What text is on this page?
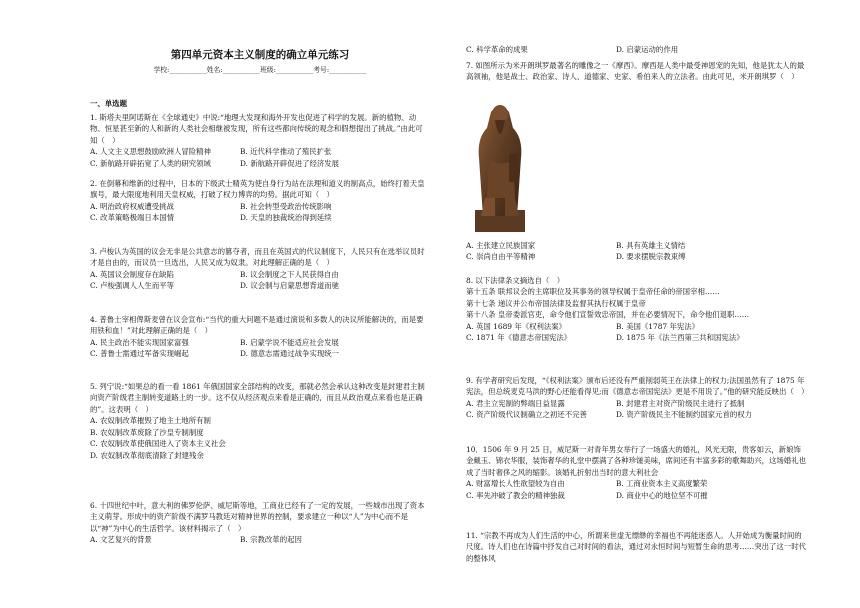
第四单元资本主义制度的确立单元练习
学校:___________姓名:___________班级:___________考号:___________
一、单选题

1. 斯塔夫里阿诺斯在《全球通史》中说:“地理大发现和海外开发也促进了科学的发展。新的植物、动物、恒星甚至新的人和新的人类社会相继被发现，所有这些都向传统的观念和假想提出了挑战。”由此可知（　）

A. 人文主义思想鼓励欧洲人冒险精神	B. 近代科学推动了殖民扩张

C. 新航路开辟拓宽了人类的研究领域	D. 新航路开辟促进了经济发展

2. 在倒幕和维新的过程中，日本的下级武士精英为使自身行为站在法理和道义的制高点，始终打着天皇旗号，最大限度地利用天皇权威，打破了权力博弈的均势。据此可知（　）

A. 明治政府权威遭受挑战	B. 社会转型受政治传统影响

C. 改革策略极端日本国情	D. 天皇的独裁统治得到延续

3. 卢梭认为英国的议会无非是公共意志的篡夺者，而且在英国式的代议制度下，人民只有在选举议员时才是自由的，而议员一旦选出，人民又成为奴隶。对此理解正确的是（　）

A. 英国议会制度存在缺陷	B. 议会制度之下人民获得自由

C. 卢梭强调人人生而平等	D. 议会制与启蒙思想背道而驰

4. 普鲁士宰相俾斯麦曾在议会宣布:“当代的重大问题不是通过演说和多数人的决议所能解决的，而是要用铁和血！”对此理解正确的是（　）

A. 民主政治不能实现国家富强	B. 启蒙学说不能适应社会发展

C. 普鲁士需通过军备实现崛起	D. 德意志需通过战争实现统一

5. 列宁说:“如果总的看一看 1861 年俄国国家全部结构的改变，那就必然会承认这种改变是封建君主制向资产阶级君主制转变道路上的一步。这不仅从经济观点来看是正确的，而且从政治观点来看也是正确的”。这表明（　）

A. 农奴制改革摧毁了地主土地所有制

B. 农奴制改革废除了沙皇专制制度

C. 农奴制改革使俄国进入了资本主义社会

D. 农奴制改革彻底清除了封建残余

6. 十四世纪中叶，意大利的佛罗伦萨、威尼斯等地，工商业已经有了一定的发展，一些城市出现了资本主义萌芽。形成中的资产阶级不满罗马教廷对精神世界的控制，要求建立一种以“人”为中心而不是以“神”为中心的生活哲学。该材料揭示了（　）

A. 文艺复兴的背景	B. 宗教改革的起因

C. 科学革命的成果	D. 启蒙运动的作用

7. 如图所示为米开朗琪罗最著名的雕像之一《摩西》。摩西是人类中最受神恩宠的先知，他是犹太人的最高领袖，他是战士、政治家、诗人、道德家、史家、希伯来人的立法者。由此可见，米开朗琪罗（　）

A. 主张建立民族国家	B. 具有英雄主义情结

C. 崇尚自由平等精神	D. 要求摆脱宗教束缚

8. 以下法律条文摘选自（　）

第十五条 联邦议会的主席职位及其事务的领导权属于皇帝任命的帝国宰相……

第十七条 递议并公布帝国法律及监督其执行权属于皇帝

第十八条 皇帝委派官吏，命令他们宣誓效忠帝国，并在必要情况下，命令他们退职……

A. 英国 1689 年《权利法案》	B. 美国《1787 年宪法》

C. 1871 年《德意志帝国宪法》	D. 1875 年《法兰西第三共和国宪法》

9. 有学者研究后发现，“《权利法案》颁布后还没有严重削弱英王在法律上的权力;法国虽然有了 1875 年宪法，但总统麦克马洪的野心还能看得见;而《德意志帝国宪法》更是不用说了。”他的研究能反映出（　）

A. 君主立宪制的弊端日益显露	B. 封建君主对资产阶级民主进行了抵制

C. 资产阶级代议制确立之初还不完善	D. 资产阶级民主不能制约国家元首的权力

10．1506 年 9 月 25 日，威尼斯一对青年男女举行了一场盛大的婚礼，风光无限，贵客如云，新娘饰金戴玉、锦衣华服，装饰奢华的礼堂中摆满了各种珍馐美味，席间还有丰富多彩的歌舞助兴，这场婚礼也成了当时奢侈之风的缩影。该婚礼折射出当时的意大利社会

A. 财富增长人性欲望较为自由	B. 工商业资本主义高度繁荣

C. 率先冲破了教会的精神独裁	D. 商业中心的地位坚不可摧

11. “宗教不再成为人们生活的中心，所谓来世虚无缥缈的幸福也不再能迷惑人。人开始成为衡量时间的尺度。诗人们也在诗篇中抒发自己对时间的看法，通过对永恒时间与短暂生命的思考……突出了这一时代的整体风
